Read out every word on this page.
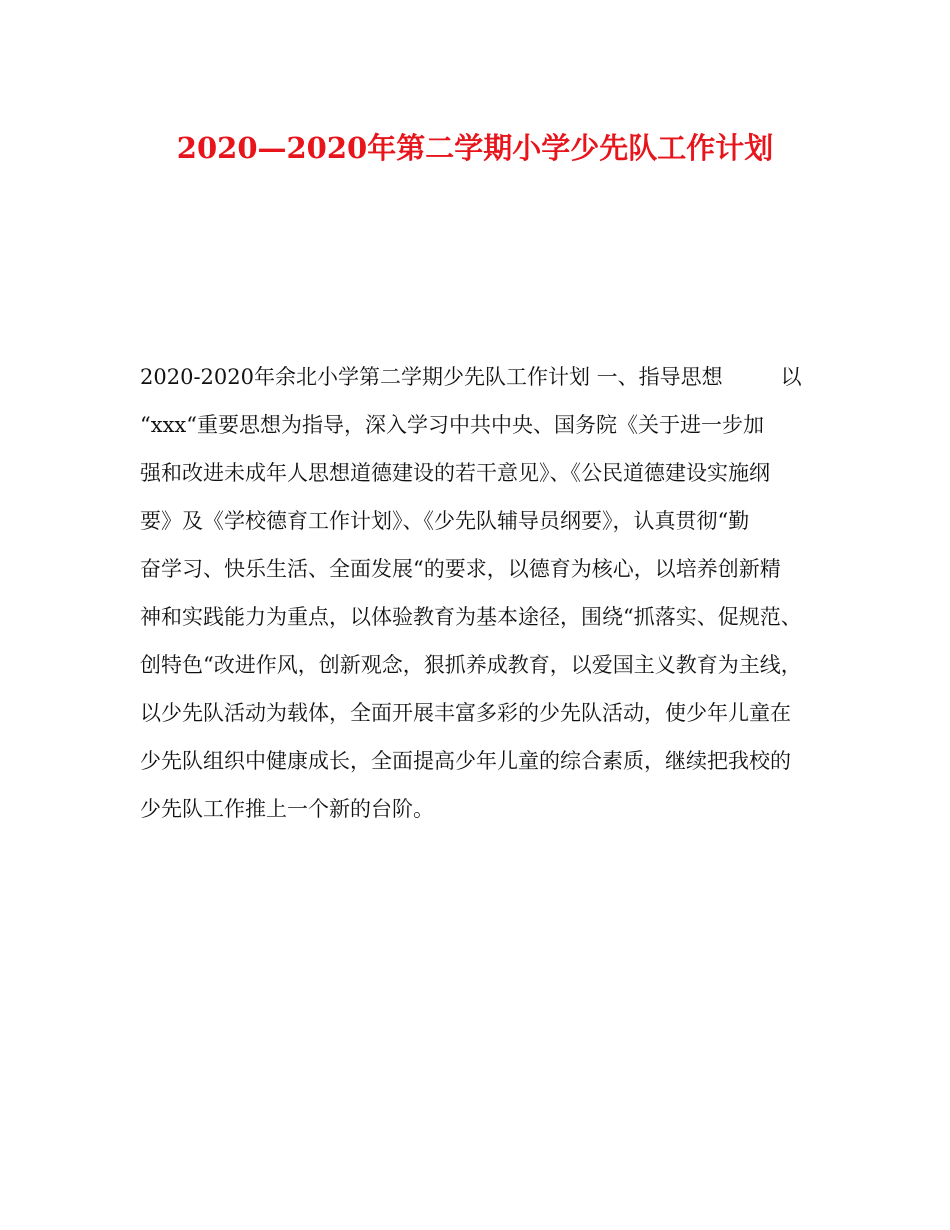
2020—2020年第二学期小学少先队工作计划
2020-2020年余北小学第二学期少先队工作计划 一、指导思想	以
“xxx“重要思想为指导，深入学习中共中央、国务院《关于进一步加
强和改进未成年人思想道德建设的若干意见》、《公民道德建设实施纲
要》及《学校德育工作计划》、《少先队辅导员纲要》，认真贯彻“勤
奋学习、快乐生活、全面发展“的要求，以德育为核心，以培养创新精
神和实践能力为重点，以体验教育为基本途径，围绕“抓落实、促规范、
创特色“改进作风，创新观念，狠抓养成教育，以爱国主义教育为主线，
以少先队活动为载体，全面开展丰富多彩的少先队活动，使少年儿童在
少先队组织中健康成长，全面提高少年儿童的综合素质，继续把我校的
少先队工作推上一个新的台阶。
